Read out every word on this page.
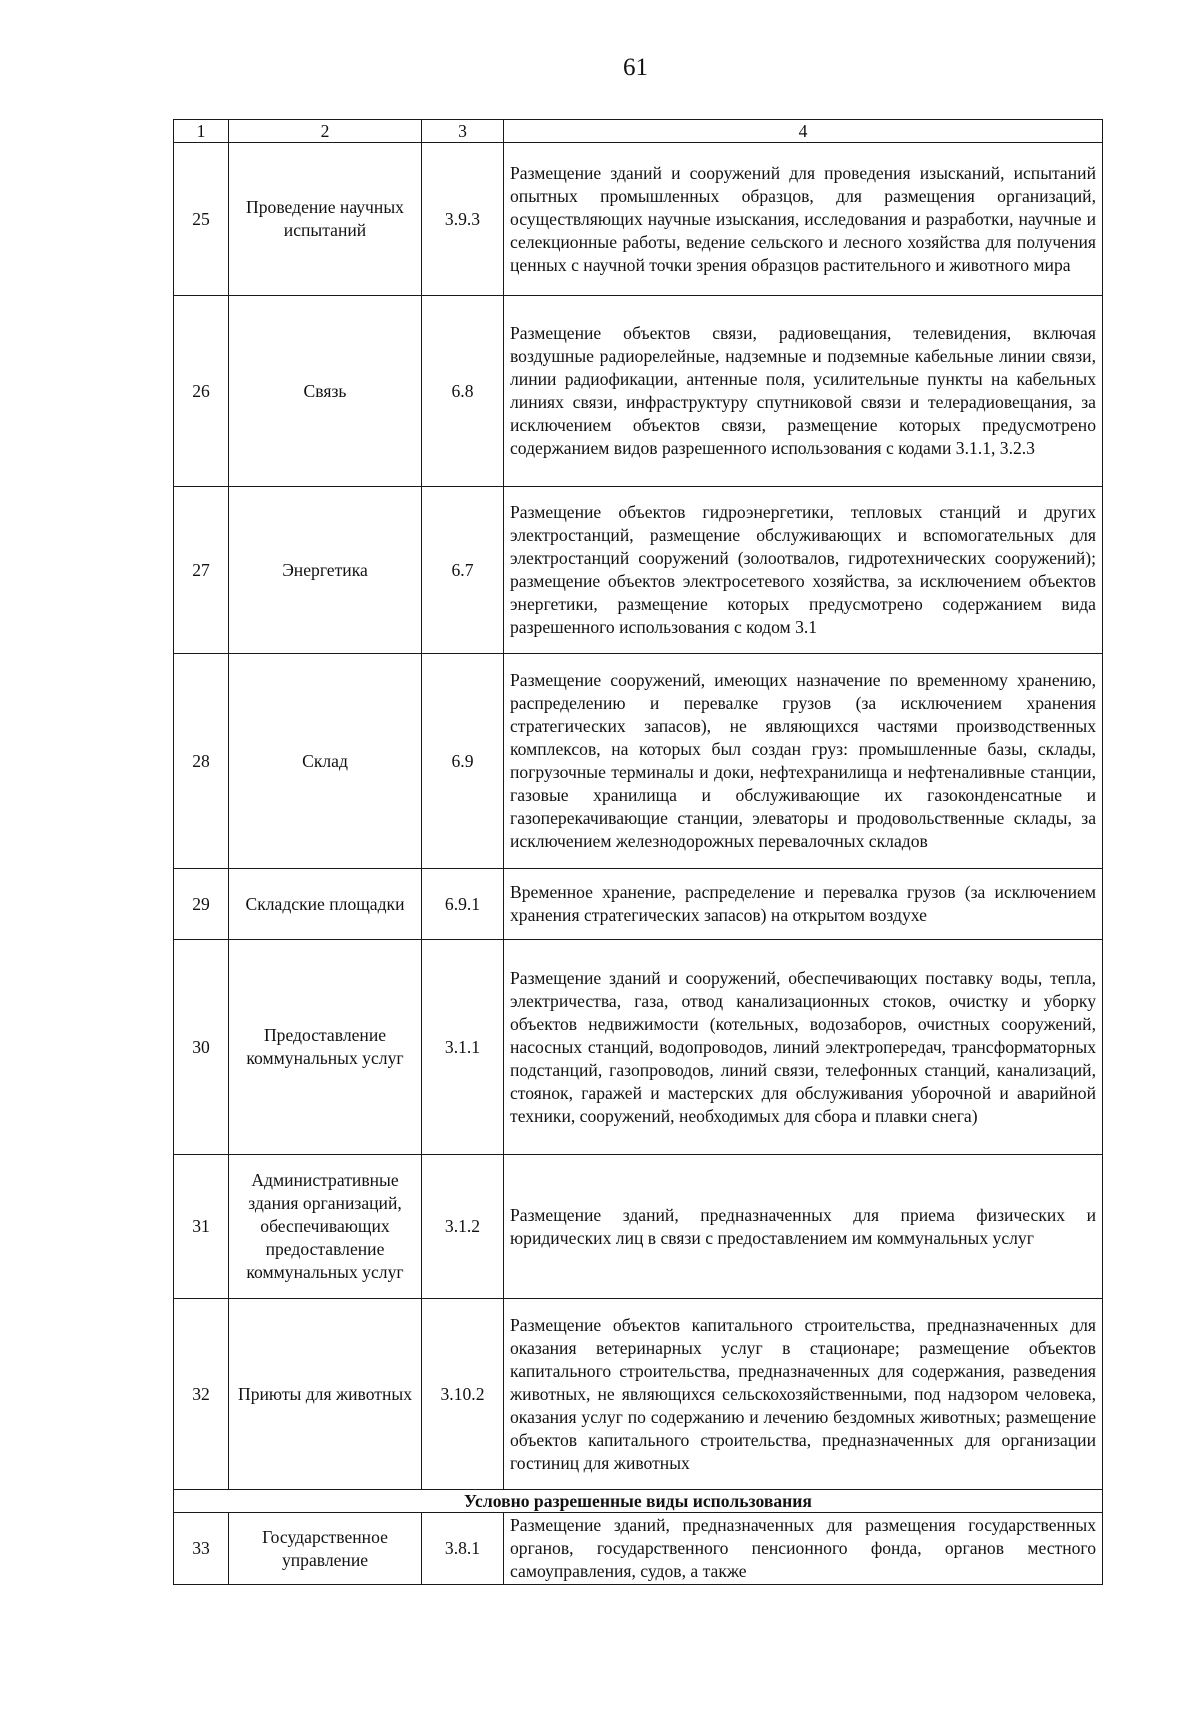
61
1	2	3	4
25	Проведение научных испытаний	3.9.3	Размещение зданий и сооружений для проведения изысканий, испытаний опытных промышленных образцов, для размещения организаций, осуществляющих научные изыскания, исследования и разработки, научные и селекционные работы, ведение сельского и лесного хозяйства для получения ценных с научной точки зрения образцов растительного и животного мира
26	Связь	6.8	Размещение объектов связи, радиовещания, телевидения, включая воздушные радиорелейные, надземные и подземные кабельные линии связи, линии радиофикации, антенные поля, усилительные пункты на кабельных линиях связи, инфраструктуру спутниковой связи и телерадиовещания, за исключением объектов связи, размещение которых предусмотрено содержанием видов разрешенного использования с кодами 3.1.1, 3.2.3
27	Энергетика	6.7	Размещение объектов гидроэнергетики, тепловых станций и других электростанций, размещение обслуживающих и вспомогательных для электростанций сооружений (золоотвалов, гидротехнических сооружений); размещение объектов электросетевого хозяйства, за исключением объектов энергетики, размещение которых предусмотрено содержанием вида разрешенного использования с кодом 3.1
28	Склад	6.9	Размещение сооружений, имеющих назначение по временному хранению, распределению и перевалке грузов (за исключением хранения стратегических запасов), не являющихся частями производственных комплексов, на которых был создан груз: промышленные базы, склады, погрузочные терминалы и доки, нефтехранилища и нефтеналивные станции, газовые хранилища и обслуживающие их газоконденсатные и газоперекачивающие станции, элеваторы и продовольственные склады, за исключением железнодорожных перевалочных складов
29	Складские площадки	6.9.1	Временное хранение, распределение и перевалка грузов (за исключением хранения стратегических запасов) на открытом воздухе
30	Предоставление коммунальных услуг	3.1.1	Размещение зданий и сооружений, обеспечивающих поставку воды, тепла, электричества, газа, отвод канализационных стоков, очистку и уборку объектов недвижимости (котельных, водозаборов, очистных сооружений, насосных станций, водопроводов, линий электропередач, трансформаторных подстанций, газопроводов, линий связи, телефонных станций, канализаций, стоянок, гаражей и мастерских для обслуживания уборочной и аварийной техники, сооружений, необходимых для сбора и плавки снега)
31	Административные здания организаций, обеспечивающих предоставление коммунальных услуг	3.1.2	Размещение зданий, предназначенных для приема физических и юридических лиц в связи с предоставлением им коммунальных услуг
32	Приюты для животных	3.10.2	Размещение объектов капитального строительства, предназначенных для оказания ветеринарных услуг в стационаре; размещение объектов капитального строительства, предназначенных для содержания, разведения животных, не являющихся сельскохозяйственными, под надзором человека, оказания услуг по содержанию и лечению бездомных животных; размещение объектов капитального строительства, предназначенных для организации гостиниц для животных
Условно разрешенные виды использования			
33	Государственное управление	3.8.1	Размещение зданий, предназначенных для размещения государственных органов, государственного пенсионного фонда, органов местного самоуправления, судов, а также
